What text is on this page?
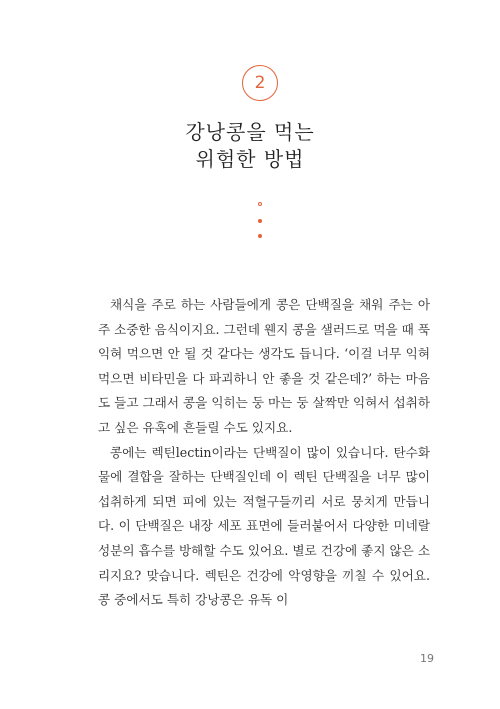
2
강낭콩을 먹는
위험한 방법

채식을 주로 하는 사람들에게 콩은 단백질을 채워 주는 아주 소중한 음식이지요. 그런데 웬지 콩을 샐러드로 먹을 때 푹 익혀 먹으면 안 될 것 같다는 생각도 듭니다. ‘이걸 너무 익혀 먹으면 비타민을 다 파괴하니 안 좋을 것 같은데?’ 하는 마음도 들고 그래서 콩을 익히는 둥 마는 둥 살짝만 익혀서 섭취하고 싶은 유혹에 흔들릴 수도 있지요.

콩에는 렉틴lectin이라는 단백질이 많이 있습니다. 탄수화물에 결합을 잘하는 단백질인데 이 렉틴 단백질을 너무 많이 섭취하게 되면 피에 있는 적혈구들끼리 서로 뭉치게 만듭니다. 이 단백질은 내장 세포 표면에 들러붙어서 다양한 미네랄 성분의 흡수를 방해할 수도 있어요. 별로 건강에 좋지 않은 소리지요? 맞습니다. 렉틴은 건강에 악영향을 끼칠 수 있어요. 콩 중에서도 특히 강낭콩은 유독 이

19
